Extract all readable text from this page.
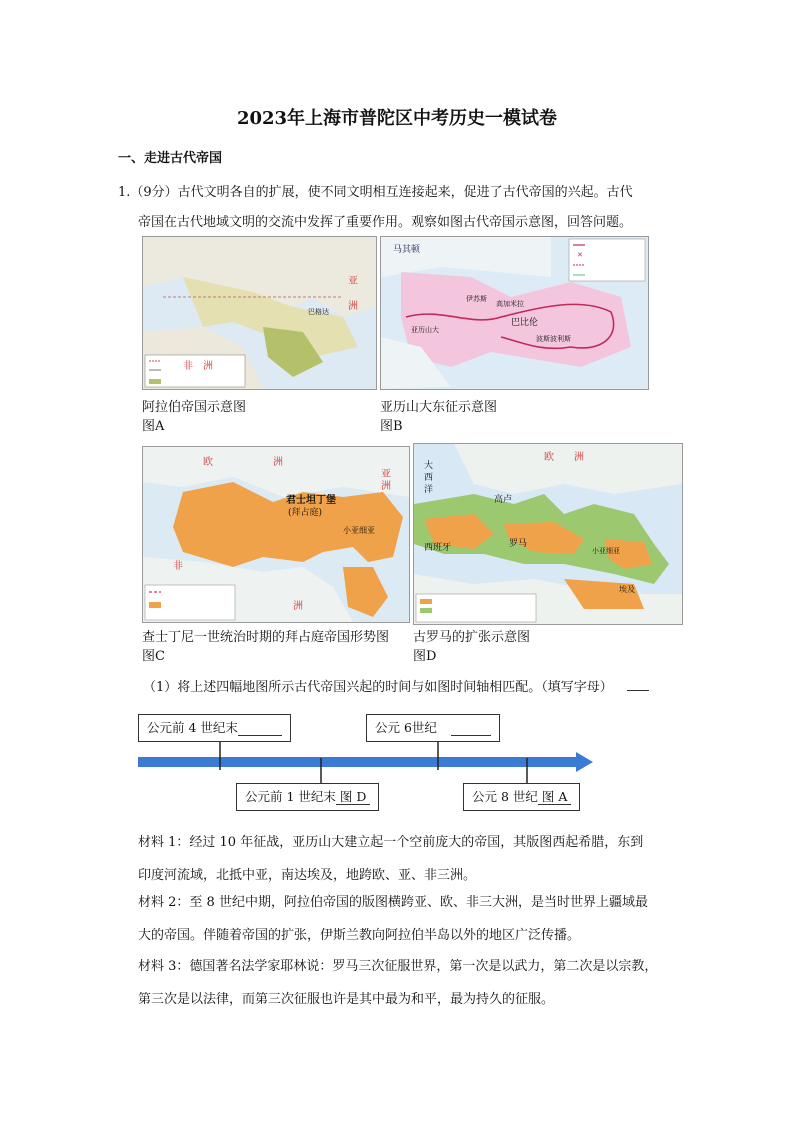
2023年上海市普陀区中考历史一模试卷
一、走进古代帝国
1.（9分）古代文明各自的扩展，使不同文明相互连接起来，促进了古代帝国的兴起。古代
帝国在古代地域文明的交流中发挥了重要作用。观察如图古代帝国示意图，回答问题。
亚
洲
非 洲
巴格达
✕
马其顿
伊苏斯
高加米拉
亚历山大
巴比伦
波斯波利斯
阿拉伯帝国示意图
图A
亚历山大东征示意图
图B
君士坦丁堡
(拜占庭)
小亚细亚
欧	洲
亚
洲
非
洲
高卢
西班牙	罗马
小亚细亚
埃及
大
西
洋
欧 洲
查士丁尼一世统治时期的拜占庭帝国形势图
图C
古罗马的扩张示意图
图D
（1）将上述四幅地图所示古代帝国兴起的时间与如图时间轴相匹配。（填写字母）
公元前 4 世纪末	公元 6世纪
公元前 1 世纪末 图 D	公元 8 世纪 图 A
材料 1：经过 10 年征战，亚历山大建立起一个空前庞大的帝国，其版图西起希腊，东到
印度河流域，北抵中亚，南达埃及，地跨欧、亚、非三洲。
材料 2：至 8 世纪中期，阿拉伯帝国的版图横跨亚、欧、非三大洲，是当时世界上疆域最
大的帝国。伴随着帝国的扩张，伊斯兰教向阿拉伯半岛以外的地区广泛传播。
材料 3：德国著名法学家耶林说：罗马三次征服世界，第一次是以武力，第二次是以宗教，
第三次是以法律，而第三次征服也许是其中最为和平，最为持久的征服。
